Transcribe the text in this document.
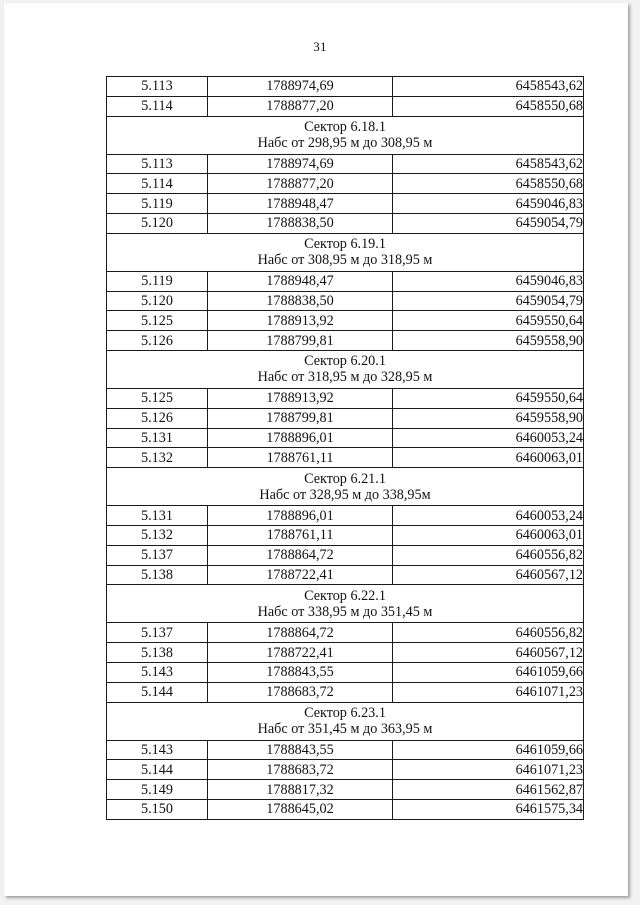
31
5.113	1788974,69	6458543,62
5.114	1788877,20	6458550,68

Сектор 6.18.1
Набс от 298,95 м до 308,95 м		

5.113	1788974,69	6458543,62
5.114	1788877,20	6458550,68
5.119	1788948,47	6459046,83
5.120	1788838,50	6459054,79

Сектор 6.19.1
Набс от 308,95 м до 318,95 м		

5.119	1788948,47	6459046,83
5.120	1788838,50	6459054,79
5.125	1788913,92	6459550,64
5.126	1788799,81	6459558,90

Сектор 6.20.1
Набс от 318,95 м до 328,95 м		

5.125	1788913,92	6459550,64
5.126	1788799,81	6459558,90
5.131	1788896,01	6460053,24
5.132	1788761,11	6460063,01

Сектор 6.21.1
Набс от 328,95 м до 338,95м		

5.131	1788896,01	6460053,24
5.132	1788761,11	6460063,01
5.137	1788864,72	6460556,82
5.138	1788722,41	6460567,12

Сектор 6.22.1
Набс от 338,95 м до 351,45 м		

5.137	1788864,72	6460556,82
5.138	1788722,41	6460567,12
5.143	1788843,55	6461059,66
5.144	1788683,72	6461071,23

Сектор 6.23.1
Набс от 351,45 м до 363,95 м		

5.143	1788843,55	6461059,66
5.144	1788683,72	6461071,23
5.149	1788817,32	6461562,87
5.150	1788645,02	6461575,34
